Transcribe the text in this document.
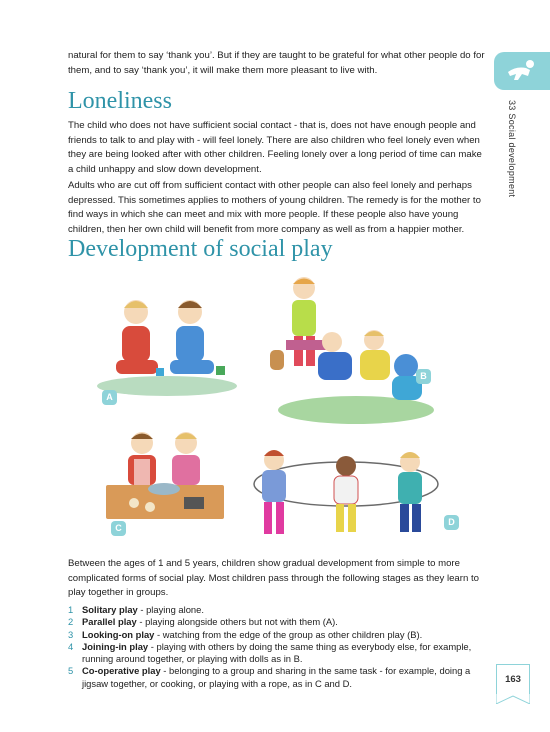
33 Social development
natural for them to say ‘thank you’. But if they are taught to be grateful for what other people do for them, and to say ‘thank you’, it will make them more pleasant to live with.
Loneliness
The child who does not have sufficient social contact - that is, does not have enough people and friends to talk to and play with - will feel lonely. There are also children who feel lonely even when they are being looked after with other children. Feeling lonely over a long period of time can make a child unhappy and slow down development.
Adults who are cut off from sufficient contact with other people can also feel lonely and perhaps depressed. This sometimes applies to mothers of young children. The remedy is for the mother to find ways in which she can meet and mix with more people. If these people also have young children, then her own child will benefit from more company as well as from a happier mother.
Development of social play
A
B
C
D
Between the ages of 1 and 5 years, children show gradual development from simple to more complicated forms of social play. Most children pass through the following stages as they learn to play together in groups.
1 Solitary play - playing alone.
2 Parallel play - playing alongside others but not with them (A).
3 Looking-on play - watching from the edge of the group as other children play (B).
4 Joining-in play - playing with others by doing the same thing as everybody else, for example, running around together, or playing with dolls as in B.
5 Co-operative play - belonging to a group and sharing in the same task - for example, doing a jigsaw together, or cooking, or playing with a rope, as in C and D.	163
